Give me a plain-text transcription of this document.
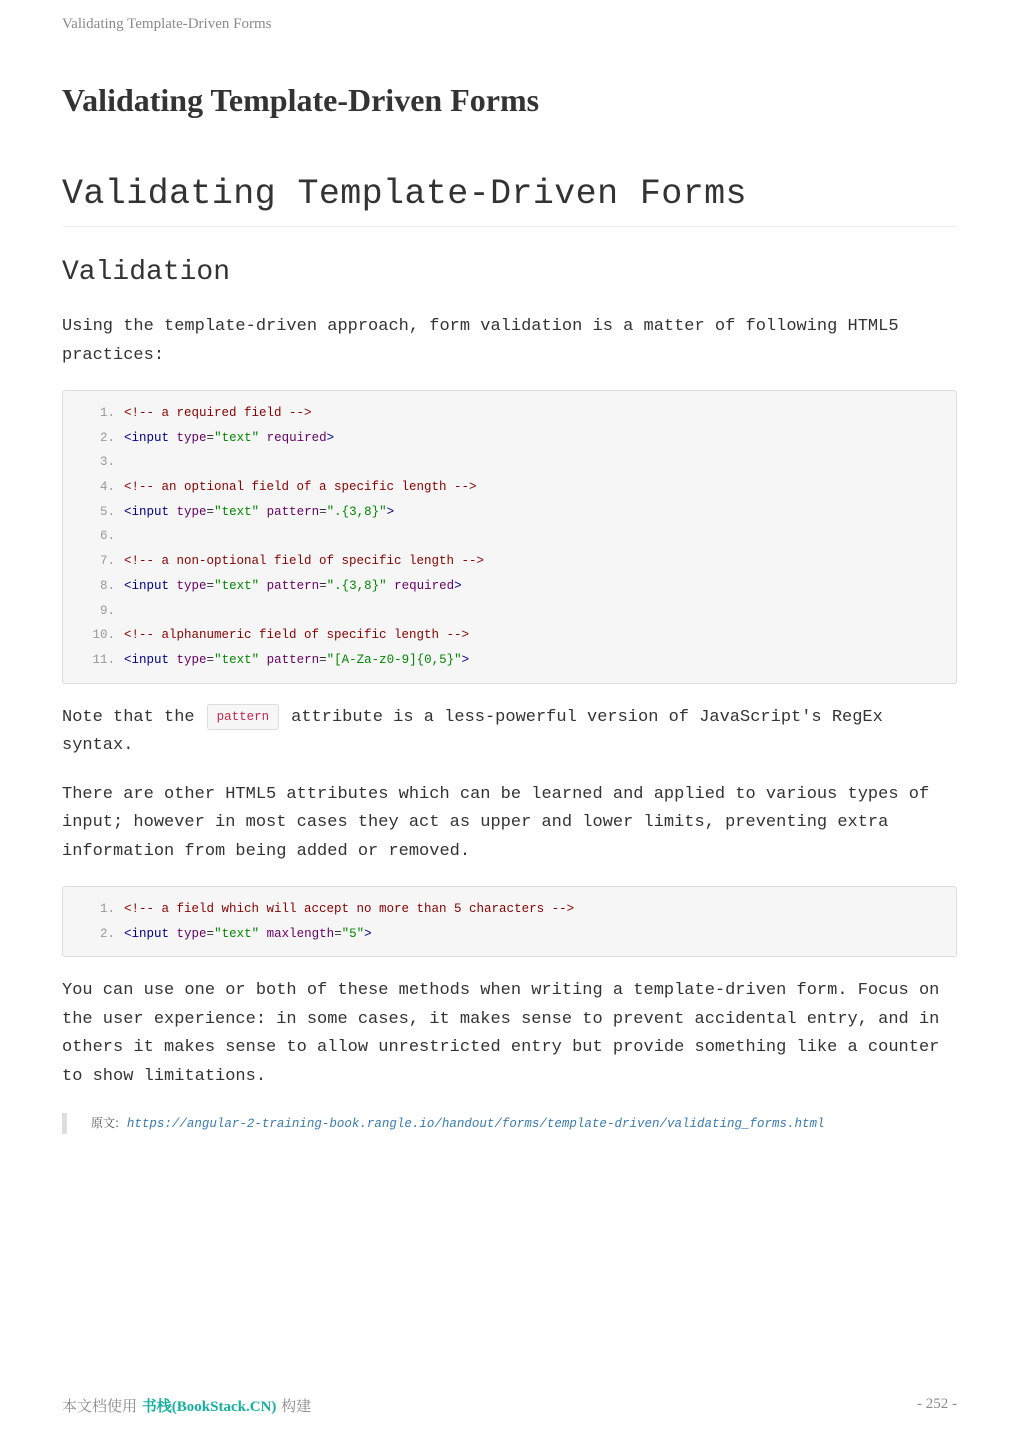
Validating Template-Driven Forms
Validating Template-Driven Forms
Validating Template-Driven Forms
Validation

Using the template-driven approach, form validation is a matter of following HTML5 practices:

1. <!-- a required field -->
2. <input type="text" required>
3.
4. <!-- an optional field of a specific length -->
5. <input type="text" pattern=".{3,8}">
6.
7. <!-- a non-optional field of specific length -->
8. <input type="text" pattern=".{3,8}" required>
9.
10. <!-- alphanumeric field of specific length -->
11. <input type="text" pattern="[A-Za-z0-9]{0,5}">

Note that the pattern attribute is a less-powerful version of JavaScript's RegEx syntax.

There are other HTML5 attributes which can be learned and applied to various types of input; however in most cases they act as upper and lower limits, preventing extra information from being added or removed.

1. <!-- a field which will accept no more than 5 characters -->
2. <input type="text" maxlength="5">

You can use one or both of these methods when writing a template-driven form. Focus on the user experience: in some cases, it makes sense to prevent accidental entry, and in others it makes sense to allow unrestricted entry but provide something like a counter to show limitations.

原文: https://angular-2-training-book.rangle.io/handout/forms/template-driven/validating_forms.html
本文档使用 书栈(BookStack.CN) 构建	- 252 -
